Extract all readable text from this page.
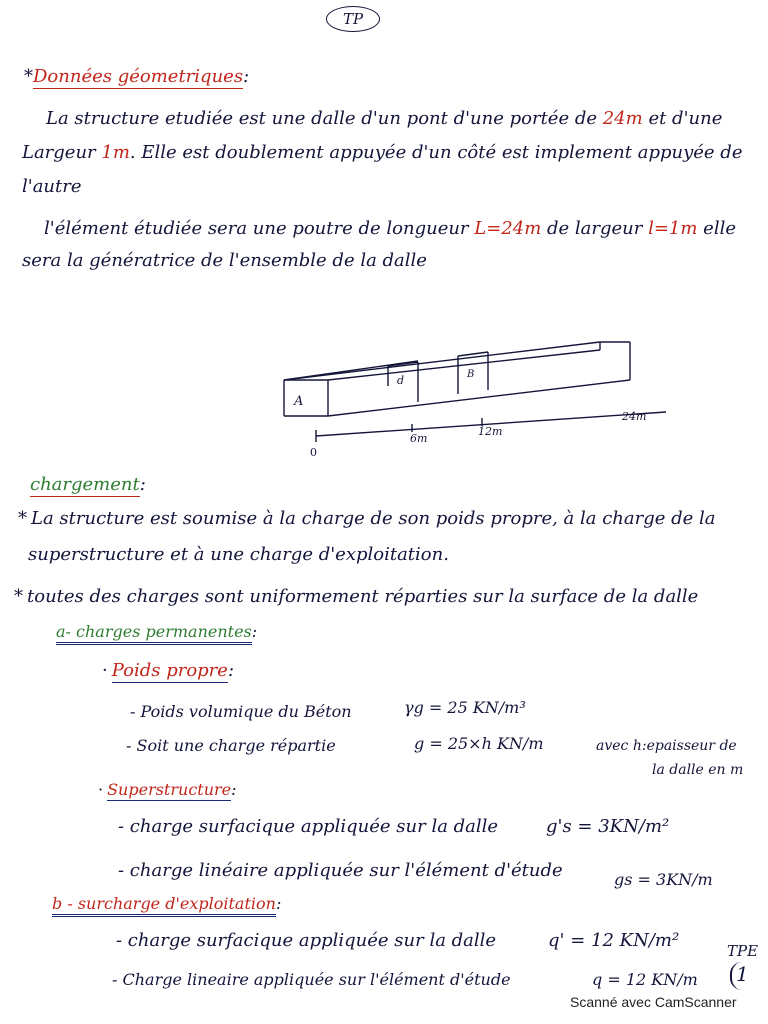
TP
*Données géometriques:
La structure etudiée est une dalle d'un pont d'une portée de 24m et d'une
Largeur 1m. Elle est doublement appuyée d'un côté est implement appuyée de
l'autre
l'élément étudiée sera une poutre de longueur L=24m de largeur l=1m elle
sera la génératrice de l'ensemble de la dalle
A
d	B
0
6m
12m
24m
chargement:
* La structure est soumise à la charge de son poids propre, à la charge de la
superstructure et à une charge d'exploitation.
* toutes des charges sont uniformement réparties sur la surface de la dalle
a- charges permanentes:
· Poids propre:
- Poids volumique du Béton	γg = 25 KN/m³
- Soit une charge répartie	g = 25×h KN/m	avec h:epaisseur de
la dalle en m
· Superstructure:
- charge surfacique appliquée sur la dalle	g's = 3KN/m²
- charge linéaire appliquée sur l'élément d'étude	gs = 3KN/m
b - surcharge d'exploitation:
- charge surfacique appliquée sur la dalle	q' = 12 KN/m²
- Charge lineaire appliquée sur l'élément d'étude	q = 12 KN/m
TPE
1
Scanné avec CamScanner
